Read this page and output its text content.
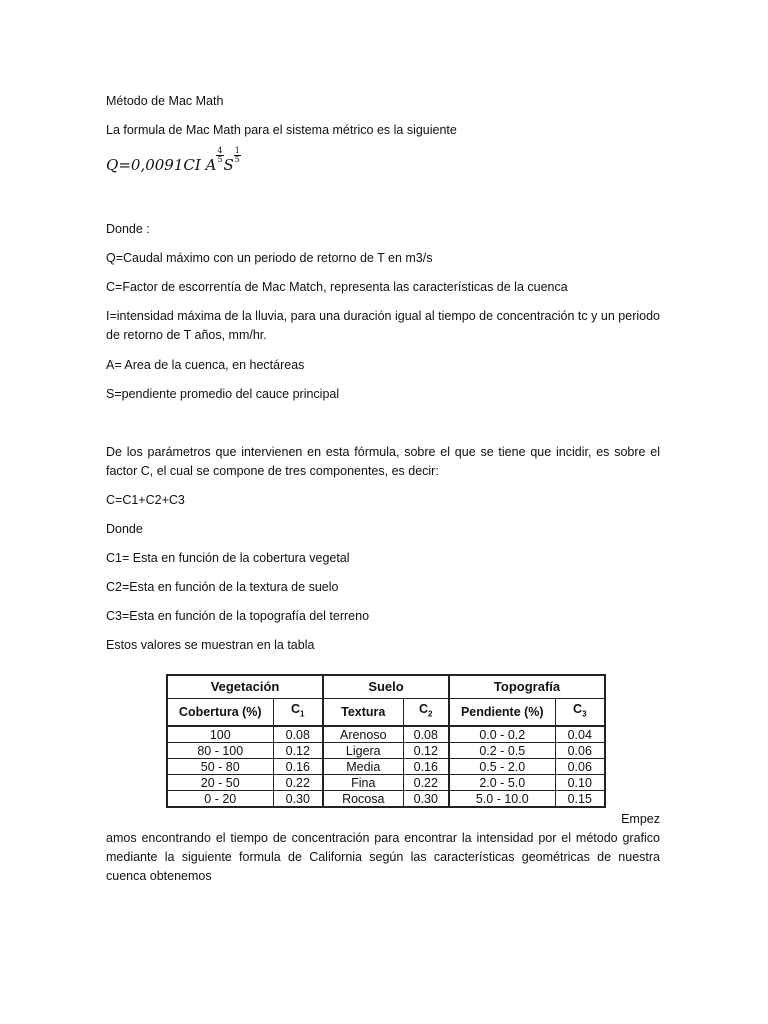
Método de Mac Math

La formula de Mac Math para el sistema métrico es la siguiente

Q=0,0091CI A
$\frac{4}{5}$
S
$\frac{1}{5}$

Donde :

Q=Caudal máximo con un periodo de retorno de T en m3/s

C=Factor de escorrentía de Mac Match, representa las características de la cuenca

I=intensidad máxima de la lluvia, para una duración igual al tiempo de concentración tc y un periodo de retorno de T años, mm/hr.

A= Area de la cuenca, en hectáreas

S=pendiente promedio del cauce principal

De los parámetros que intervienen en esta fórmula, sobre el que se tiene que incidir, es sobre el factor C, el cual se compone de tres componentes, es decir:

C=C1+C2+C3

Donde

C1= Esta en función de la cobertura vegetal

C2=Esta en función de la textura de suelo

C3=Esta en función de la topografía del terreno

Estos valores se muestran en la tabla

Empez

amos encontrando el tiempo de concentración para encontrar la intensidad por el método grafico mediante la siguiente formula de California según las características geométricas de nuestra cuenca obtenemos

Vegetación		Suelo		Topografía	
Cobertura (%)	$C_1$	Textura	$C_2$	Pendiente (%)	$C_3$
100	0.08	Arenoso	0.08	0.0 - 0.2	0.04
80 - 100	0.12	Ligera	0.12	0.2 - 0.5	0.06
50 - 80	0.16	Media	0.16	0.5 - 2.0	0.06
20 - 50	0.22	Fina	0.22	2.0 - 5.0	0.10
0 - 20	0.30	Rocosa	0.30	5.0 - 10.0	0.15
